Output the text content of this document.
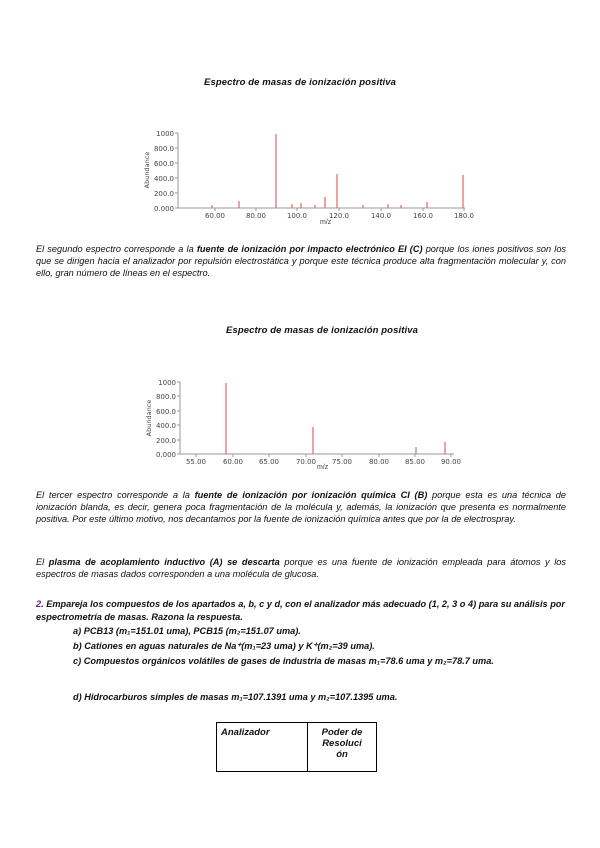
Espectro de masas de ionización positiva
1000
800.0
600.0
400.0
200.0
0.000
Abundance
60.00	80.00	100.0	120.0	140.0	160.0	180.0
m/z
El segundo espectro corresponde a la fuente de ionización por impacto electrónico EI (C) porque los iones positivos son los que se dirigen hacia el analizador por repulsión electrostática y porque este técnica produce alta fragmentación molecular y, con ello, gran número de líneas en el espectro.
Espectro de masas de ionización positiva
1000
800.0
600.0
400.0
200.0
0.000
Abundance
55.00 60.00 65.00 70.00 75.00 80.00 85.00 90.00
m/z
El tercer espectro corresponde a la fuente de ionización por ionización química CI (B) porque esta es una técnica de ionización blanda, es decir, genera poca fragmentación de la molécula y, además, la ionización que presenta es normalmente positiva. Por este último motivo, nos decantamos por la fuente de ionización química antes que por la de electrospray.
El plasma de acoplamiento inductivo (A) se descarta porque es una fuente de ionización empleada para átomos y los espectros de masas dados corresponden a una molécula de glucosa.
2. Empareja los compuestos de los apartados a, b, c y d, con el analizador más adecuado (1, 2, 3 o 4) para su análisis por espectrometría de masas. Razona la respuesta.
a) PCB13 (m₁=151.01 uma), PCB15 (m₂=151.07 uma).
b) Cationes en aguas naturales de Na⁺(m₁=23 uma) y K⁺(m₂=39 uma).
c) Compuestos orgánicos volátiles de gases de industria de masas m₁=78.6 uma y m₂=78.7 uma.
d) Hidrocarburos simples de masas m₁=107.1391 uma y m₂=107.1395 uma.
Analizador	Poder de
Resoluci
ón
